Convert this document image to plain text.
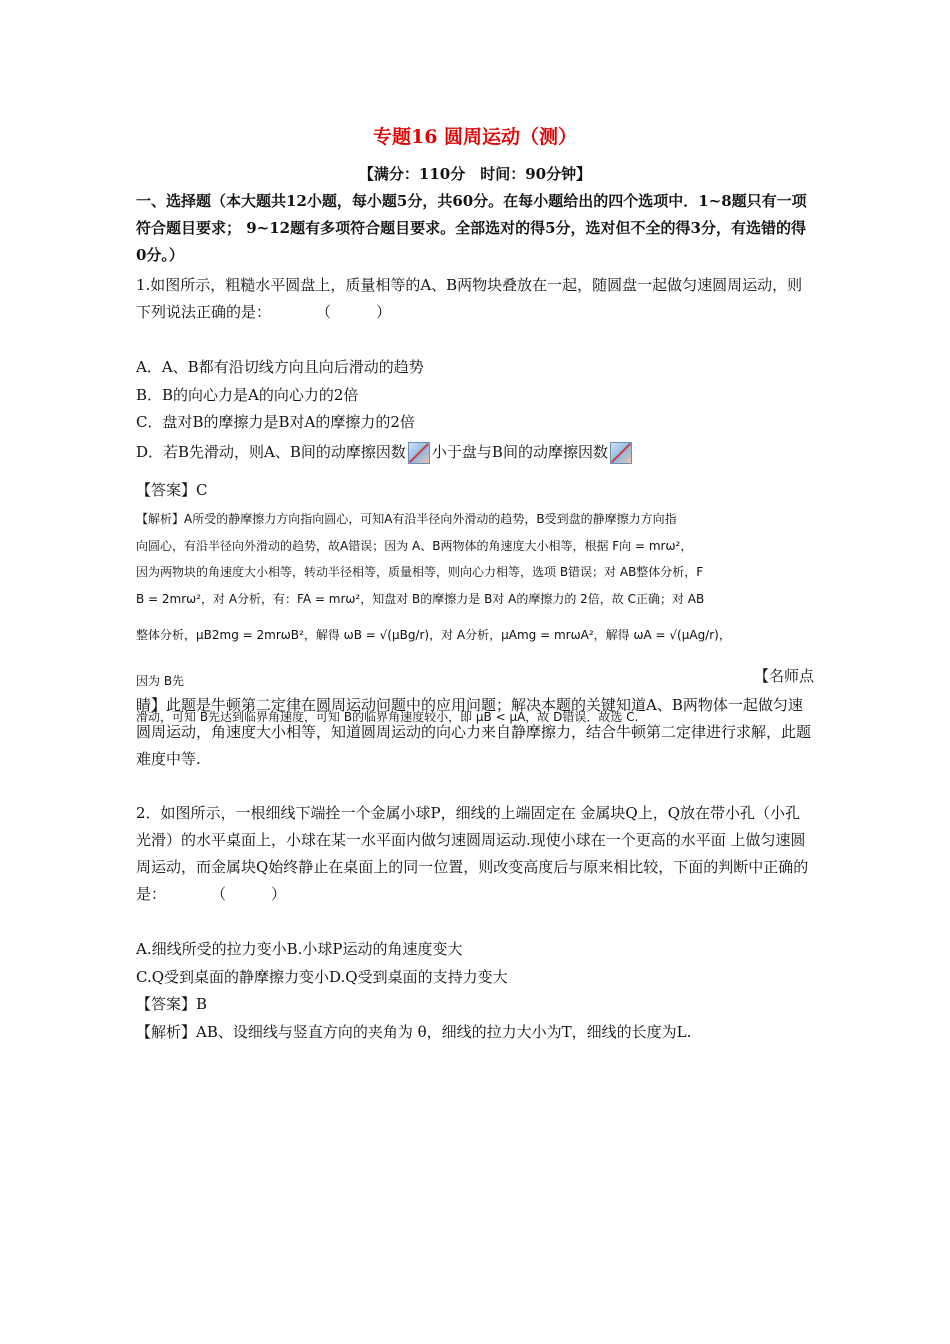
专题16 圆周运动（测）
【满分：110分　时间：90分钟】
一、选择题（本大题共12小题，每小题5分，共60分。在每小题给出的四个选项中．1~8题只有一项符合题目要求； 9~12题有多项符合题目要求。全部选对的得5分，选对但不全的得3分，有选错的得0分。）
1.如图所示，粗糙水平圆盘上，质量相等的A、B两物块叠放在一起，随圆盘一起做匀速圆周运动，则下列说法正确的是：　　　　（　　　）
A．A、B都有沿切线方向且向后滑动的趋势
B．B的向心力是A的向心力的2倍
C．盘对B的摩擦力是B对A的摩擦力的2倍
D．若B先滑动，则A、B间的动摩擦因数 小于盘与B间的动摩擦因数
【答案】C
【解析】A所受的静摩擦力方向指向圆心，可知A有沿半径向外滑动的趋势，B受到盘的静摩擦力方向指
向圆心，有沿半径向外滑动的趋势，故A错误；因为 A、B两物体的角速度大小相等，根据 F向 = mrω²，
因为两物块的角速度大小相等，转动半径相等，质量相等，则向心力相等，选项 B错误；对 AB整体分析，F
B = 2mrω²，对 A分析，有：FA = mrω²，知盘对 B的摩擦力是 B对 A的摩擦力的 2倍，故 C正确；对 AB
整体分析，μB2mg = 2mrωB²，解得 ωB = √(μBg/r)，对 A分析，μAmg = mrωA²，解得 ωA = √(μAg/r)，因为 B先
滑动，可知 B先达到临界角速度，可知 B的临界角速度较小，即 μB < μA，故 D错误．故选 C.
【名师点
睛】此题是牛顿第二定律在圆周运动问题中的应用问题；解决本题的关键知道A、B两物体一起做匀速圆周运动，角速度大小相等，知道圆周运动的向心力来自静摩擦力，结合牛顿第二定律进行求解，此题难度中等.
2．如图所示，一根细线下端拴一个金属小球P，细线的上端固定在 金属块Q上，Q放在带小孔（小孔光滑）的水平桌面上，小球在某一水平面内做匀速圆周运动.现使小球在一个更高的水平面 上做匀速圆周运动，而金属块Q始终静止在桌面上的同一位置，则改变高度后与原来相比较，下面的判断中正确的是：　　　　（　　　）
A.细线所受的拉力变小B.小球P运动的角速度变大
C.Q受到桌面的静摩擦力变小D.Q受到桌面的支持力变大
【答案】B
【解析】AB、设细线与竖直方向的夹角为 θ，细线的拉力大小为T，细线的长度为L.
